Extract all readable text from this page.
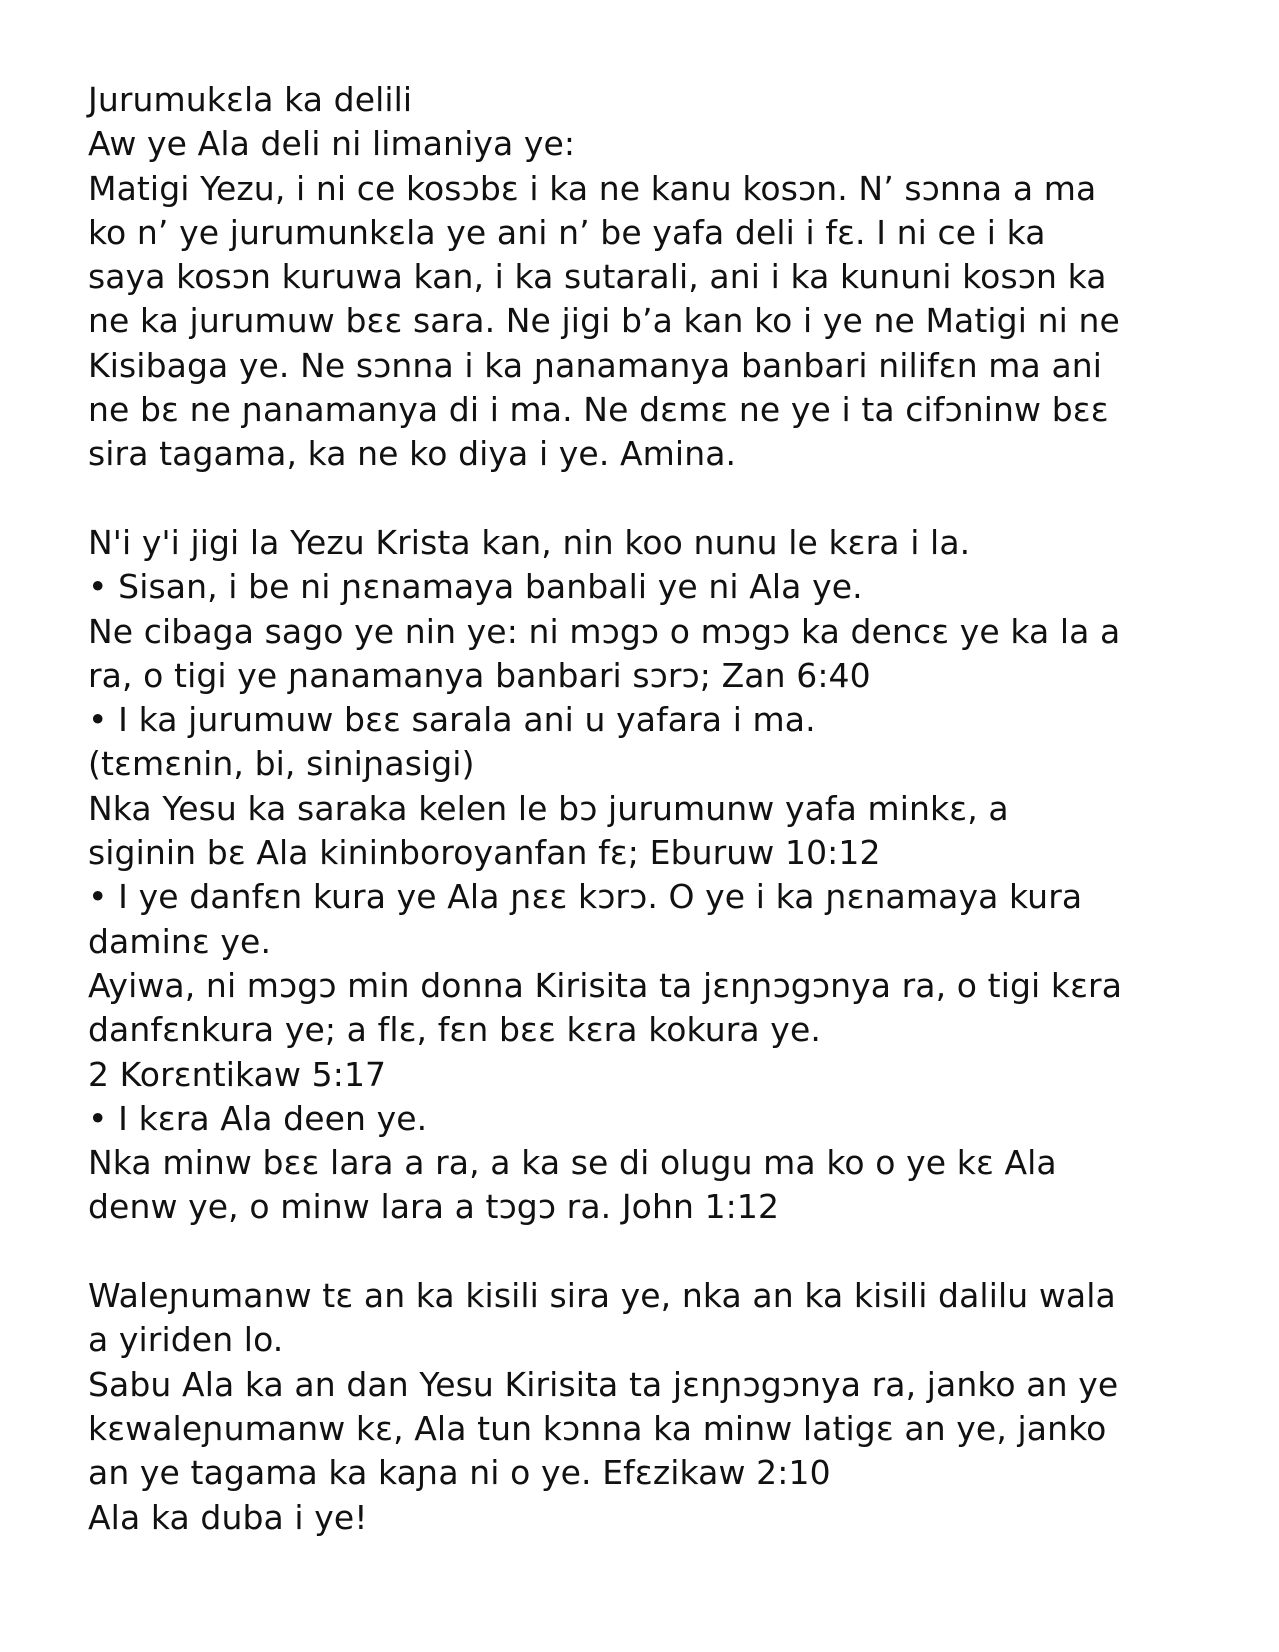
Jurumukɛla ka delili
Aw ye Ala deli ni limaniya ye:
Matigi Yezu, i ni ce kosɔbɛ i ka ne kanu kosɔn. N’ sɔnna a ma
ko n’ ye jurumunkɛla ye ani n’ be yafa deli i fɛ. I ni ce i ka
saya kosɔn kuruwa kan, i ka sutarali, ani i ka kununi kosɔn ka
ne ka jurumuw bɛɛ sara. Ne jigi b’a kan ko i ye ne Matigi ni ne
Kisibaga ye. Ne sɔnna i ka ɲanamanya banbari nilifɛn ma ani
ne bɛ ne ɲanamanya di i ma. Ne dɛmɛ ne ye i ta cifɔninw bɛɛ
sira tagama, ka ne ko diya i ye. Amina.
N'i y'i jigi la Yezu Krista kan, nin koo nunu le kɛra i la.
• Sisan, i be ni ɲɛnamaya banbali ye ni Ala ye.
Ne cibaga sago ye nin ye: ni mɔgɔ o mɔgɔ ka dencɛ ye ka la a
ra, o tigi ye ɲanamanya banbari sɔrɔ; Zan 6:40
• I ka jurumuw bɛɛ sarala ani u yafara i ma.
(tɛmɛnin, bi, siniɲasigi)
Nka Yesu ka saraka kelen le bɔ jurumunw yafa minkɛ, a
siginin bɛ Ala kininboroyanfan fɛ; Eburuw 10:12
• I ye danfɛn kura ye Ala ɲɛɛ kɔrɔ. O ye i ka ɲɛnamaya kura
daminɛ ye.
Ayiwa, ni mɔgɔ min donna Kirisita ta jɛnɲɔgɔnya ra, o tigi kɛra
danfɛnkura ye; a flɛ, fɛn bɛɛ kɛra kokura ye.
2 Korɛntikaw 5:17
• I kɛra Ala deen ye.
Nka minw bɛɛ lara a ra, a ka se di olugu ma ko o ye kɛ Ala
denw ye, o minw lara a tɔgɔ ra. John 1:12
Waleɲumanw tɛ an ka kisili sira ye, nka an ka kisili dalilu wala
a yiriden lo.
Sabu Ala ka an dan Yesu Kirisita ta jɛnɲɔgɔnya ra, janko an ye
kɛwaleɲumanw kɛ, Ala tun kɔnna ka minw latigɛ an ye, janko
an ye tagama ka kaɲa ni o ye. Efɛzikaw 2:10
Ala ka duba i ye!
